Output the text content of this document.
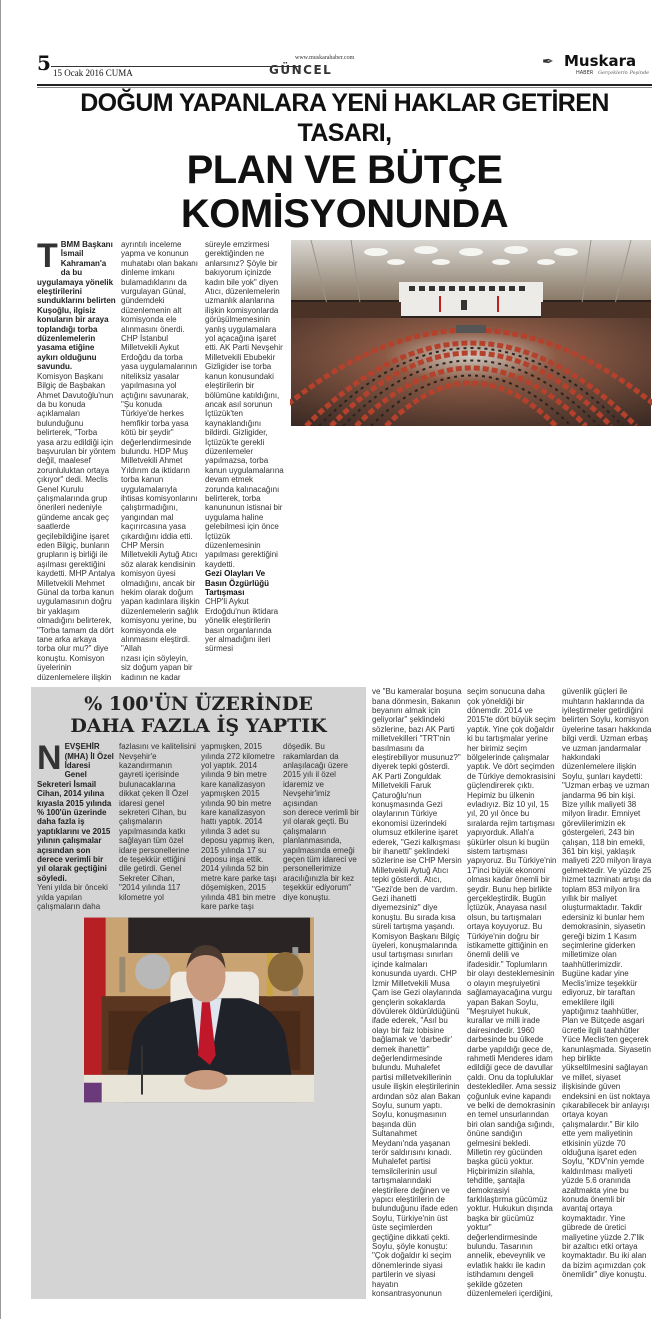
5 15 Ocak 2016 CUMA	GÜNCEL
www.muskarahaber.com	✒ Muskara
HABER Gerçeklerin Peşinde
DOĞUM YAPANLARA YENİ HAKLAR GETİREN TASARI,
PLAN VE BÜTÇE KOMİSYONUNDA
T BMM Başkanı İsmail Kahraman'a da bu uygulamaya yönelik eleştirilerini sunduklarını belirten Kuşoğlu, ilgisiz konuların bir araya toplandığı torba düzenlemelerin yasama etiğine aykırı olduğunu savundu.

Komisyon Başkanı Bilgiç de Başbakan Ahmet Davutoğlu'nun da bu konuda açıklamaları bulunduğunu belirterek, "Torba yasa arzu edildiği için başvurulan bir yöntem değil, maalesef zorunluluktan ortaya çıkıyor" dedi. Meclis Genel Kurulu çalışmalarında grup önerileri nedeniyle gündeme ancak geç saatlerde geçilebildiğine işaret eden Bilgiç, bunların grupların iş birliği ile aşılması gerektiğini kaydetti. MHP Antalya Milletvekili Mehmet Günal da torba kanun uygulamasının doğru bir yaklaşım olmadığını belirterek, "Torba tamam da dört tane arka arkaya torba olur mu?" diye konuştu. Komisyon

üyelerinin düzenlemelere ilişkin ayrıntılı inceleme yapma ve konunun muhatabı olan bakanı dinleme imkanı bulamadıklarını da vurgulayan Günal, gündemdeki düzenlemenin alt komisyonda ele alınmasını önerdi. CHP İstanbul Milletvekili Aykut Erdoğdu da torba yasa uygulamalarının niteliksiz yasalar yapılmasına yol açtığını savunarak, "Şu konuda Türkiye'de herkes hemfikir torba yasa kötü bir şeydir" değerlendirmesinde bulundu. HDP Muş Milletvekili Ahmet Yıldırım da iktidarın torba kanun uygulamalarıyla ihtisas komisyonlarını çalıştırmadığını, yangından mal kaçırırcasına yasa çıkardığını iddia etti. CHP Mersin Milletvekili Aytuğ Atıcı söz alarak kendisinin komisyon üyesi olmadığını, ancak bir hekim olarak doğum yapan kadınlara ilişkin düzenlemelerin sağlık komisyonu yerine, bu komisyonda ele alınmasını eleştirdi. "Allah

rızası için söyleyin, siz doğum yapan bir kadının ne kadar süreyle emzirmesi gerektiğinden ne anlarsınız? Şöyle bir bakıyorum içinizde kadın bile yok" diyen Atıcı, düzenlemelerin uzmanlık alanlarına ilişkin komisyonlarda görüşülmemesinin yanlış uygulamalara yol açacağına işaret etti. AK Parti Nevşehir Milletvekili Ebubekir Gizligider ise torba kanun konusundaki eleştirilerin bir bölümüne katıldığını, ancak asıl sorunun İçtüzük'ten kaynaklandığını bildirdi. Gizligider, İçtüzük'te gerekli düzenlemeler yapılmazsa, torba kanun uygulamalarına devam etmek zorunda kalınacağını belirterek, torba kanununun istisnai bir uygulama haline gelebilmesi için önce İçtüzük düzenlemesinin yapılması gerektiğini kaydetti.

Gezi Olayları Ve Basın Özgürlüğü Tartışması

CHP'li Aykut Erdoğdu'nun iktidara yönelik eleştirilerin basın organlarında yer almadığını ileri sürmesi

% 100'ÜN ÜZERİNDE
DAHA FAZLA İŞ YAPTIK
N EVŞEHİR (MHA) İl Özel İdaresi Genel Sekreteri İsmail Cihan, 2014 yılına kıyasla 2015 yılında % 100'ün üzerinde daha fazla iş yaptıklarını ve 2015 yılının çalışmalar açısından son derece verimli bir yıl olarak geçtiğini söyledi.

Yeni yılda bir önceki yılda yapılan çalışmaların daha fazlasını ve kalitelisini Nevşehir'e kazandırmanın gayreti içerisinde bulunacaklarına dikkat çeken İl Özel idaresi genel sekreteri Cihan, bu çalışmaların yapılmasında katkı sağlayan tüm özel idare personellerine de teşekkür ettiğini dile getirdi. Genel Sekreter Cihan, "2014 yılında 117 kilometre yol yapmışken, 2015 yılında 272 kilometre

yol yaptık. 2014 yılında 9 bin metre kare kanalizasyon yapmışken 2015 yılında 90 bin metre kare kanalizasyon hattı yaptık. 2014 yılında 3 adet su deposu yapmış iken, 2015 yılında 17 su deposu inşa ettik.

2014 yılında 52 bin metre kare parke taşı döşemişken, 2015 yılında 481 bin metre kare parke taşı döşedik. Bu rakamlardan da anlaşılacağı üzere 2015 yılı il özel idaremiz ve Nevşehir'imiz açısından

son derece verimli bir yıl olarak geçti. Bu çalışmaların planlanmasında, yapılmasında emeği geçen tüm idareci ve personellerimize aracılığınızla bir kez teşekkür ediyorum" diye konuştu.

ve "Bu kameralar boşuna bana dönmesin, Bakanın beyanını almak için geliyorlar" şeklindeki sözlerine, bazı AK Parti milletvekilleri "TRT'nin basılmasını da eleştirebiliyor musunuz?" diyerek tepki gösterdi. AK Parti Zonguldak Milletvekili Faruk Çaturoğlu'nun konuşmasında Gezi olaylarının Türkiye ekonomisi üzerindeki olumsuz etkilerine işaret ederek, "Gezi kalkışması

bir ihanetti" şeklindeki sözlerine ise CHP Mersin Milletvekili Aytuğ Atıcı tepki gösterdi. Atıcı, "Gezi'de ben de vardım. Gezi ihanetti diyemezsiniz" diye konuştu. Bu sırada kısa süreli tartışma yaşandı. Komisyon Başkanı Bilgiç üyeleri, konuşmalarında usul tartışması sınırları içinde kalmaları konusunda uyardı. CHP İzmir Milletvekili Musa Çam ise Gezi olaylarında gençlerin sokaklarda dövülerek öldürüldüğünü ifade ederek, "Asıl bu olayı bir faiz lobisine bağlamak ve 'darbedir' demek ihanettir" değerlendirmesinde bulundu. Muhalefet partisi milletvekillerinin usule ilişkin eleştirilerinin ardından söz alan Bakan Soylu, sunum yaptı. Soylu, konuşmasının başında dün Sultanahmet Meydanı'nda yaşanan terör saldırısını kınadı. Muhalefet partisi temsilcilerinin usul tartışmalarındaki eleştirilere değinen ve yapıcı eleştirilerin de bulunduğunu ifade eden Soylu, Türkiye'nin üst üste seçimlerden geçtiğine dikkati çekti. Soylu, şöyle konuştu: "Çok doğaldır ki seçim dönemlerinde siyasi partilerin ve siyasi hayatın konsantrasyonunun seçim sonucuna daha çok yöneldiği bir dönemdir. 2014 ve 2015'te dört büyük seçim yaptık. Yine çok doğaldır ki bu tartışmalar yerine her birimiz seçim bölgelerinde çalışmalar yaptık. Ve dört seçimden de Türkiye demokrasisini

güçlendirerek çıktı. Hepimiz bu ülkenin evladıyız. Biz 10 yıl, 15 yıl, 20 yıl önce bu sıralarda rejim tartışması yapıyorduk. Allah'a şükürler olsun ki bugün sistem tartışması yapıyoruz. Bu Türkiye'nin 17'inci büyük ekonomi olması kadar önemli bir şeydir. Bunu hep birlikte gerçekleştirdik. Bugün İçtüzük, Anayasa nasıl olsun, bu tartışmaları ortaya koyuyoruz. Bu Türkiye'nin doğru bir istikamette gittiğinin en önemli delili ve ifadesidir." Toplumların bir olayı desteklemesinin o olayın meşruiyetini sağlamayacağına vurgu yapan Bakan Soylu, "Meşruiyet hukuk, kurallar ve milli irade dairesindedir. 1960 darbesinde bu ülkede darbe yapıldığı gece de, rahmetli Menderes idam edildiği gece de davullar çaldı. Onu da topluluklar desteklediler. Ama sessiz çoğunluk evine kapandı ve belki de demokrasinin en temel unsurlarından biri olan sandığa sığındı, önüne sandığın gelmesini bekledi. Milletin rey gücünden başka gücü yoktur. Hiçbirimizin silahla, tehditle, şantajla demokrasiyi farklılaştırma gücümüz yoktur. Hukukun dışında başka bir gücümüz yoktur" değerlendirmesinde bulundu. Tasarının annelik, ebeveynlik ve evlatlık hakkı ile kadın istihdamını dengeli şekilde gözeten düzenlemeleri içerdiğini, güvenlik güçleri ile muhtarın haklarında da iyileştirmeler getirdiğini belirten Soylu, komisyon üyelerine tasarı hakkında

bilgi verdi. Uzman erbaş ve uzman jandarmalar hakkındaki düzenlemelere ilişkin Soylu, şunları kaydetti: "Uzman erbaş ve uzman jandarma 96 bin kişi. Bize yıllık maliyeti 38 milyon liradır. Emniyet görevlilerimizin ek göstergeleri, 243 bin çalışan, 118 bin emekli, 361 bin kişi, yaklaşık maliyeti 220 milyon liraya gelmektedir. Ve yüzde 25 hizmet tazminatı artışı da toplam 853 milyon lira yıllık bir maliyet oluşturmaktadır. Takdir edersiniz ki bunlar hem demokrasinin, siyasetin gereği bizim 1 Kasım seçimlerine giderken milletimize olan taahhütlerimizdir. Bugüne kadar yine Meclis'imize teşekkür ediyoruz, bir taraftan emeklilere ilgili yaptığımız taahhütler, Plan ve Bütçede asgari ücretle ilgili taahhütler Yüce Meclis'ten geçerek kanunlaşmada. Siyasetin hep birlikte yükseltilmesini sağlayan ve millet, siyaset ilişkisinde güven endeksini en üst noktaya çıkarabilecek bir anlayışı ortaya koyan çalışmalardır." Bir kilo ette yem maliyetinin etkisinin yüzde 70 olduğuna işaret eden Soylu, "KDV'nin yemde kaldırılması maliyeti yüzde 5.6 oranında azaltmakta yine bu konuda önemli bir avantaj ortaya koymaktadır. Yine gübrede de üretici maliyetine yüzde 2.7'lik bir azaltıcı etki ortaya koymaktadır. Bu iki alan da bizim açımızdan çok önemlidir" diye konuştu.
